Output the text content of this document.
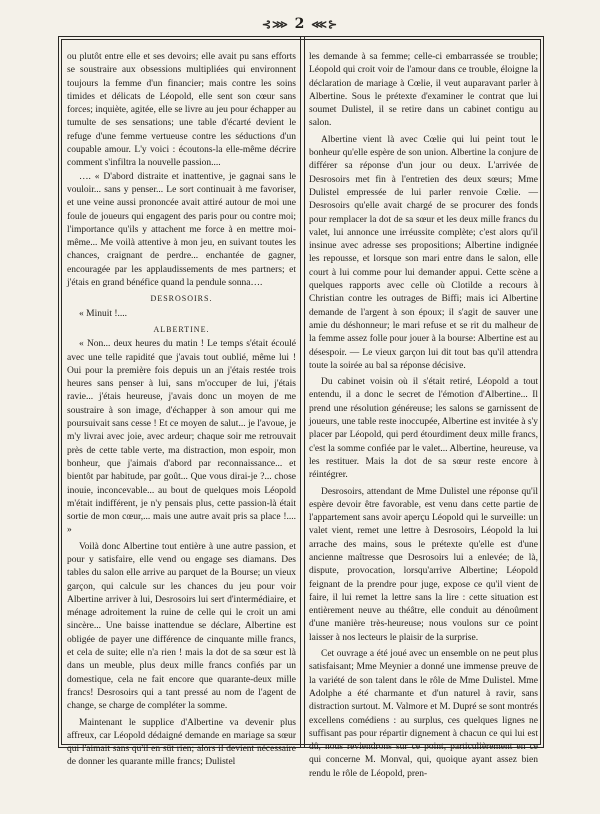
⊰⋙ 2 ⋘⊱

ou plutôt entre elle et ses devoirs; elle avait pu sans efforts se soustraire aux obsessions multipliées qui environnent toujours la femme d'un financier; mais contre les soins timides et délicats de Léopold, elle sent son cœur sans forces; inquiète, agitée, elle se livre au jeu pour échapper au tumulte de ses sensations; une table d'écarté devient le refuge d'une femme vertueuse contre les séductions d'un coupable amour. L'y voici : écoutons-la elle-même décrire comment s'infiltra la nouvelle passion....

…. « D'abord distraite et inattentive, je gagnai sans le vouloir... sans y penser... Le sort continuait à me favoriser, et une veine aussi prononcée avait attiré autour de moi une foule de joueurs qui engagent des paris pour ou contre moi; l'importance qu'ils y attachent me force à en mettre moi-même... Me voilà attentive à mon jeu, en suivant toutes les chances, craignant de perdre... enchantée de gagner, encouragée par les applaudissements de mes partners; et j'étais en grand bénéfice quand la pendule sonna….

DESROSOIRS.

« Minuit !....

ALBERTINE.

« Non... deux heures du matin ! Le temps s'était écoulé avec une telle rapidité que j'avais tout oublié, même lui ! Oui pour la première fois depuis un an j'étais restée trois heures sans penser à lui, sans m'occuper de lui, j'étais ravie... j'étais heureuse, j'avais donc un moyen de me soustraire à son image, d'échapper à son amour qui me poursuivait sans cesse ! Et ce moyen de salut... je l'avoue, je m'y livrai avec joie, avec ardeur; chaque soir me retrouvait près de cette table verte, ma distraction, mon espoir, mon bonheur, que j'aimais d'abord par reconnaissance... et bientôt par habitude, par goût... Que vous dirai-je ?... chose inouie, inconcevable... au bout de quelques mois Léopold m'était indifférent, je n'y pensais plus, cette passion-là était sortie de mon cœur,... mais une autre avait pris sa place !.... »

Voilà donc Albertine tout entière à une autre passion, et pour y satisfaire, elle vend ou engage ses diamans. Des tables du salon elle arrive au parquet de la Bourse; un vieux garçon, qui calcule sur les chances du jeu pour voir Albertine arriver à lui, Desrosoirs lui sert d'intermédiaire, et ménage adroitement la ruine de celle qui le croit un ami sincère... Une baisse inattendue se déclare, Albertine est obligée de payer une différence de cinquante mille francs, et cela de suite; elle n'a rien ! mais la dot de sa sœur est là dans un meuble, plus deux mille francs confiés par un domestique, cela ne fait encore que quarante-deux mille francs! Desrosoirs qui a tant pressé au nom de l'agent de change, se charge de compléter la somme.

Maintenant le supplice d'Albertine va devenir plus affreux, car Léopold dédaigné demande en mariage sa sœur qui l'aimait sans qu'il en sût rien; alors il devient nécessaire de donner les quarante mille francs; Dulistel

les demande à sa femme; celle-ci embarrassée se trouble; Léopold qui croit voir de l'amour dans ce trouble, éloigne la déclaration de mariage à Cœlie, il veut auparavant parler à Albertine. Sous le prétexte d'examiner le contrat que lui soumet Dulistel, il se retire dans un cabinet contigu au salon.

Albertine vient là avec Cœlie qui lui peint tout le bonheur qu'elle espère de son union. Albertine la conjure de différer sa réponse d'un jour ou deux. L'arrivée de Desrosoirs met fin à l'entretien des deux sœurs; Mme Dulistel empressée de lui parler renvoie Cœlie. — Desrosoirs qu'elle avait chargé de se procurer des fonds pour remplacer la dot de sa sœur et les deux mille francs du valet, lui annonce une irréussite complète; c'est alors qu'il insinue avec adresse ses propositions; Albertine indignée les repousse, et lorsque son mari entre dans le salon, elle court à lui comme pour lui demander appui. Cette scène a quelques rapports avec celle où Clotilde a recours à Christian contre les outrages de Biffi; mais ici Albertine demande de l'argent à son époux; il s'agit de sauver une amie du déshonneur; le mari refuse et se rit du malheur de la femme assez folle pour jouer à la bourse: Albertine est au désespoir. — Le vieux garçon lui dit tout bas qu'il attendra toute la soirée au bal sa réponse décisive.

Du cabinet voisin où il s'était retiré, Léopold a tout entendu, il a donc le secret de l'émotion d'Albertine... Il prend une résolution généreuse; les salons se garnissent de joueurs, une table reste inoccupée, Albertine est invitée à s'y placer par Léopold, qui perd étourdiment deux mille francs, c'est la somme confiée par le valet... Albertine, heureuse, va les restituer. Mais la dot de sa sœur reste encore à réintégrer.

Desrosoirs, attendant de Mme Dulistel une réponse qu'il espère devoir être favorable, est venu dans cette partie de l'appartement sans avoir aperçu Léopold qui le surveille: un valet vient, remet une lettre à Desrosoirs, Léopold la lui arrache des mains, sous le prétexte qu'elle est d'une ancienne maîtresse que Desrosoirs lui a enlevée; de là, dispute, provocation, lorsqu'arrive Albertine; Léopold feignant de la prendre pour juge, expose ce qu'il vient de faire, il lui remet la lettre sans la lire : cette situation est entièrement neuve au théâtre, elle conduit au dénoûment d'une manière très-heureuse; nous voulons sur ce point laisser à nos lecteurs le plaisir de la surprise.

Cet ouvrage a été joué avec un ensemble on ne peut plus satisfaisant; Mme Meynier a donné une immense preuve de la variété de son talent dans le rôle de Mme Dulistel. Mme Adolphe a été charmante et d'un naturel à ravir, sans distraction surtout. M. Valmore et M. Dupré se sont montrés excellens comédiens : au surplus, ces quelques lignes ne suffisant pas pour répartir dignement à chacun ce qui lui est dû, nous reviendrons sur ce point, particulièrement en ce qui concerne M. Monval, qui, quoique ayant assez bien rendu le rôle de Léopold, pren-
